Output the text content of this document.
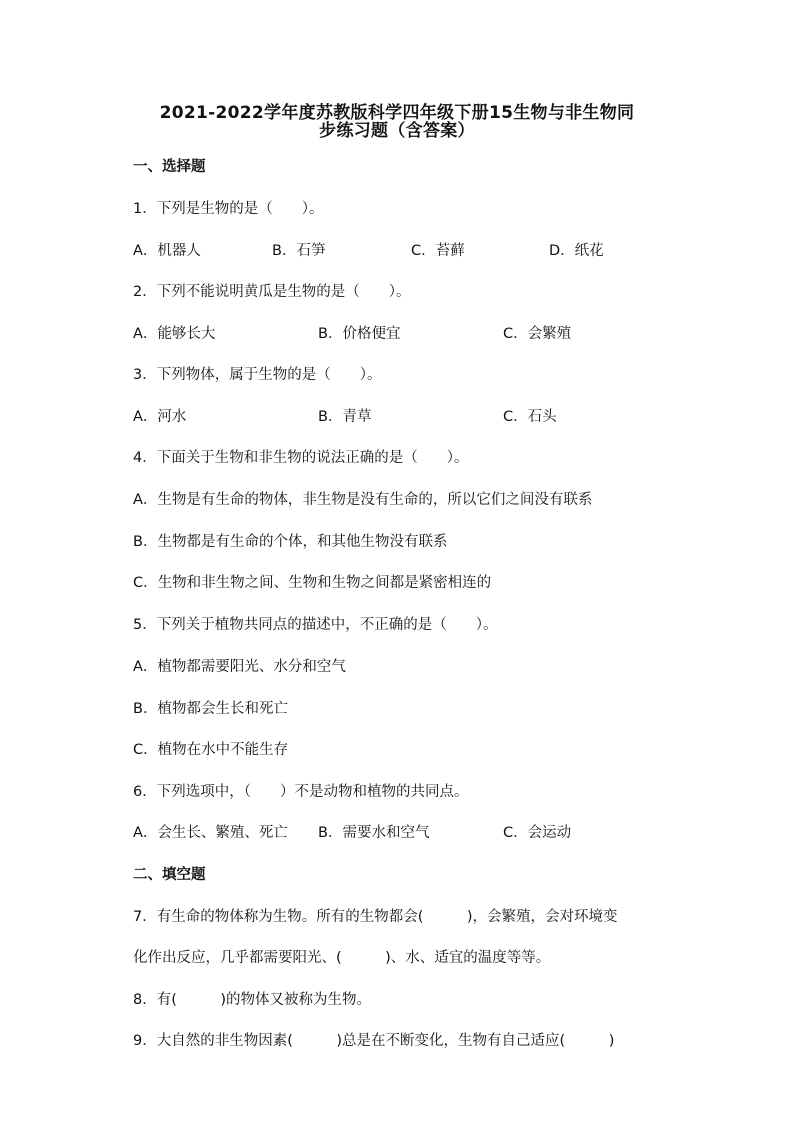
2021-2022学年度苏教版科学四年级下册15生物与非生物同
步练习题（含答案）
一、选择题
1．下列是生物的是（　　）。
A．机器人	B．石笋	C．苔藓	D．纸花
2．下列不能说明黄瓜是生物的是（　　）。
A．能够长大	B．价格便宜	C．会繁殖
3．下列物体，属于生物的是（　　）。
A．河水	B．青草	C．石头
4．下面关于生物和非生物的说法正确的是（　　）。
A．生物是有生命的物体，非生物是没有生命的，所以它们之间没有联系
B．生物都是有生命的个体，和其他生物没有联系
C．生物和非生物之间、生物和生物之间都是紧密相连的
5．下列关于植物共同点的描述中，不正确的是（　　）。
A．植物都需要阳光、水分和空气
B．植物都会生长和死亡
C．植物在水中不能生存
6．下列选项中，（　　）不是动物和植物的共同点。
A．会生长、繁殖、死亡 B．需要水和空气	C．会运动
二、填空题
7．有生命的物体称为生物。所有的生物都会(　　　)，会繁殖，会对环境变
化作出反应，几乎都需要阳光、(　　　)、水、适宜的温度等等。
8．有(　　　)的物体又被称为生物。
9．大自然的非生物因素(　　　)总是在不断变化，生物有自己适应(　　　)
